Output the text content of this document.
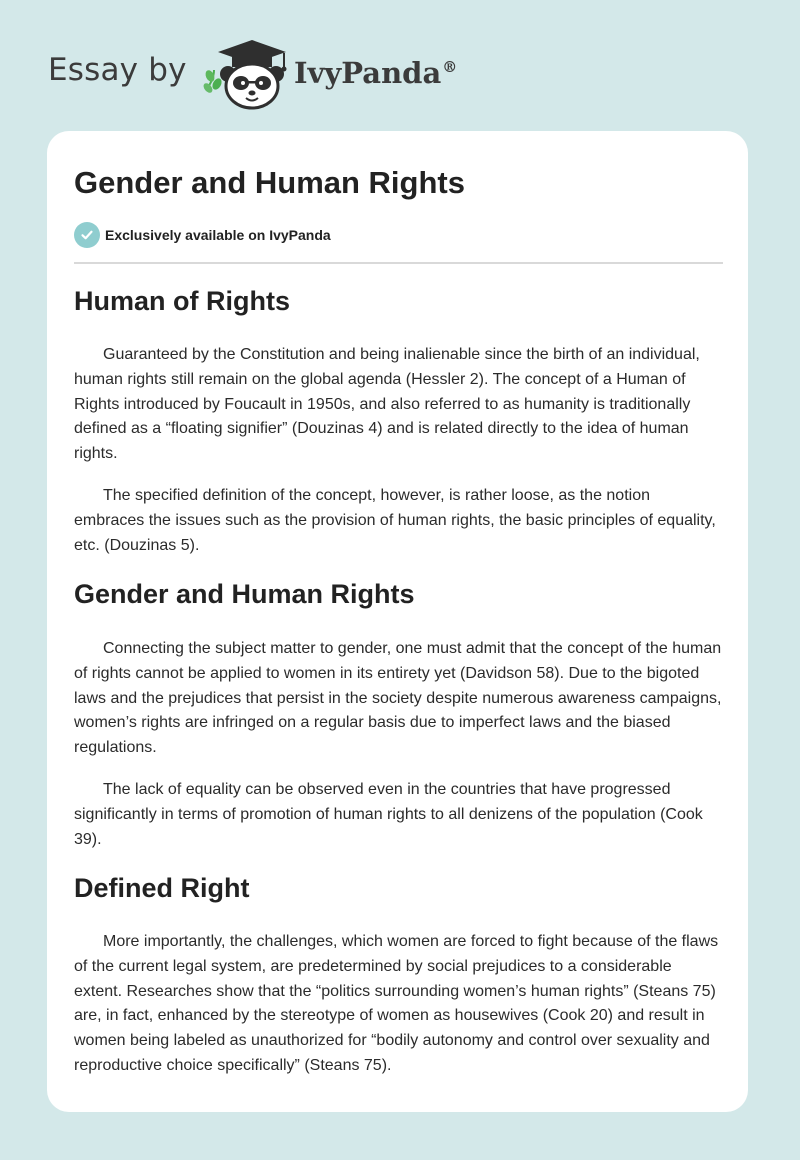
Essay by	IvyPanda®
Gender and Human Rights
Exclusively available on IvyPanda
Human of Rights

Guaranteed by the Constitution and being inalienable since the birth of an individual, human rights still remain on the global agenda (Hessler 2). The concept of a Human of Rights introduced by Foucault in 1950s, and also referred to as humanity is traditionally defined as a “floating signifier” (Douzinas 4) and is related directly to the idea of human rights.

The specified definition of the concept, however, is rather loose, as the notion embraces the issues such as the provision of human rights, the basic principles of equality, etc. (Douzinas 5).

Gender and Human Rights

Connecting the subject matter to gender, one must admit that the concept of the human of rights cannot be applied to women in its entirety yet (Davidson 58). Due to the bigoted laws and the prejudices that persist in the society despite numerous awareness campaigns, women’s rights are infringed on a regular basis due to imperfect laws and the biased regulations.

The lack of equality can be observed even in the countries that have progressed significantly in terms of promotion of human rights to all denizens of the population (Cook 39).

Defined Right

More importantly, the challenges, which women are forced to fight because of the flaws of the current legal system, are predetermined by social prejudices to a considerable extent. Researches show that the “politics surrounding women’s human rights” (Steans 75) are, in fact, enhanced by the stereotype of women as housewives (Cook 20) and result in women being labeled as unauthorized for “bodily autonomy and control over sexuality and reproductive choice specifically” (Steans 75).
